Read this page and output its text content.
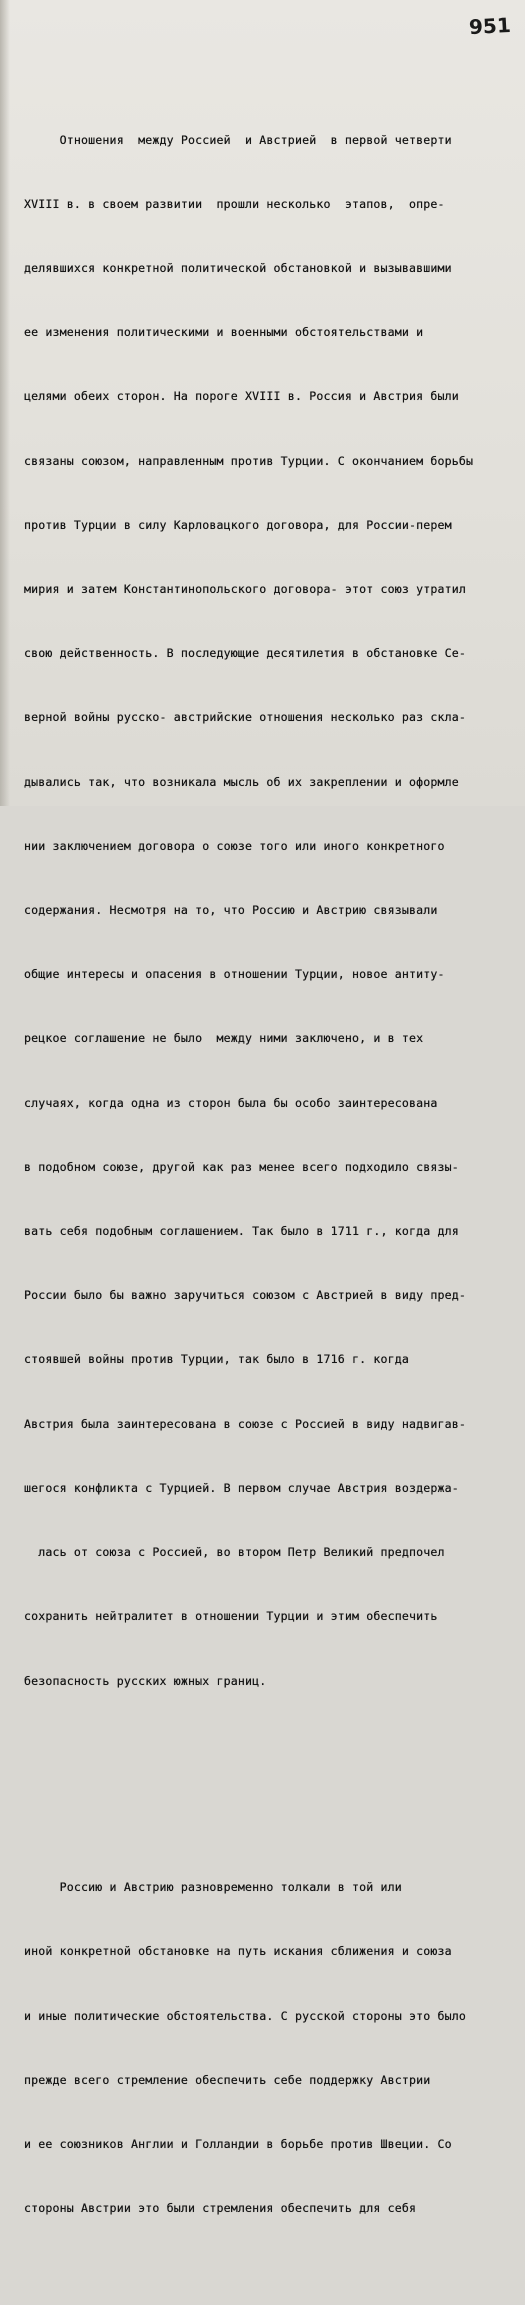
951

Отношения  между Россией  и Австрией  в первой четверти

XVIII в. в своем развитии  прошли несколько  этапов,  опре-

делявшихся конкретной политической обстановкой и вызывавшими

ее изменения политическими и военными обстоятельствами и

целями обеих сторон. На пороге XVIII в. Россия и Австрия были

связаны союзом, направленным против Турции. С окончанием борьбы

против Турции в силу Карловацкого договора, для России-перем

мирия и затем Константинопольского договора- этот союз утратил

свою действенность. В последующие десятилетия в обстановке Се-

верной войны русско- австрийские отношения несколько раз скла-

дывались так, что возникала мысль об их закреплении и оформле

нии заключением договора о союзе того или иного конкретного

содержания. Несмотря на то, что Россию и Австрию связывали

общие интересы и опасения в отношении Турции, новое антиту-

рецкое соглашение не было  между ними заключено, и в тех

случаях, когда одна из сторон была бы особо заинтересована

в подобном союзе, другой как раз менее всего подходило связы-

вать себя подобным соглашением. Так было в 1711 г., когда для

России было бы важно заручиться союзом с Австрией в виду пред-

стоявшей войны против Турции, так было в 1716 г. когда

Австрия была заинтересована в союзе с Россией в виду надвигав-

шегося конфликта с Турцией. В первом случае Австрия воздержа-

лась от союза с Россией, во втором Петр Великий предпочел

сохранить нейтралитет в отношении Турции и этим обеспечить

безопасность русских южных границ.

Россию и Австрию разновременно толкали в той или

иной конкретной обстановке на путь искания сближения и союза

и иные политические обстоятельства. С русской стороны это было

прежде всего стремление обеспечить себе поддержку Австрии

и ее союзников Англии и Голландии в борьбе против Швеции. Со

стороны Австрии это были стремления обеспечить для себя
